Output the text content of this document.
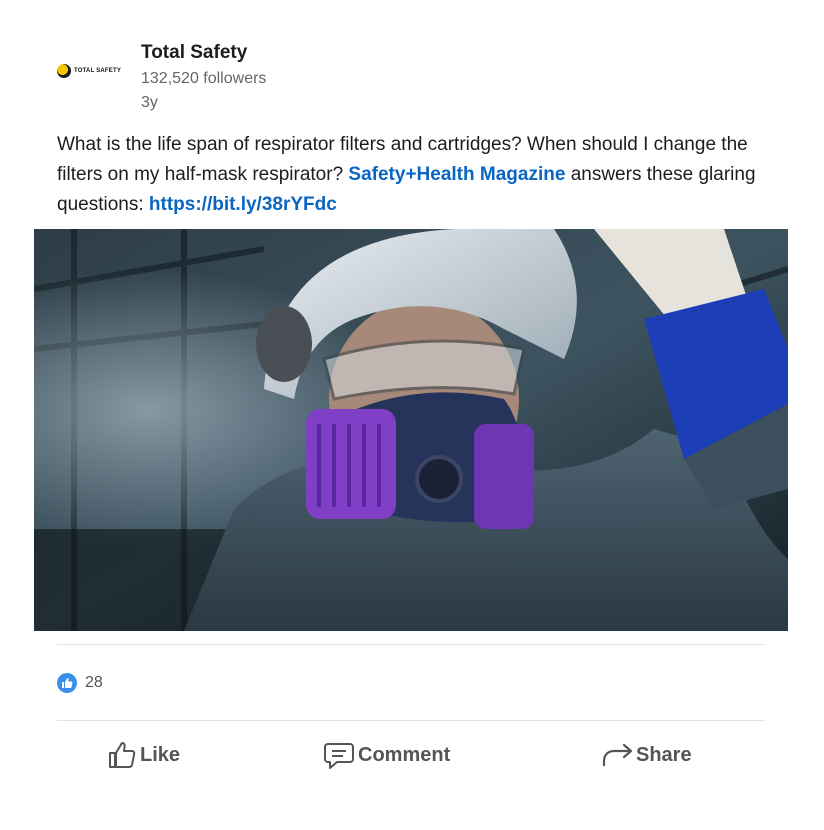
TOTAL SAFETY
Total Safety
132,520 followers
3y
What is the life span of respirator filters and cartridges? When should I change the filters on my half-mask respirator? Safety+Health Magazine answers these glaring questions: https://bit.ly/38rYFdc
28
Like	Comment	Share
